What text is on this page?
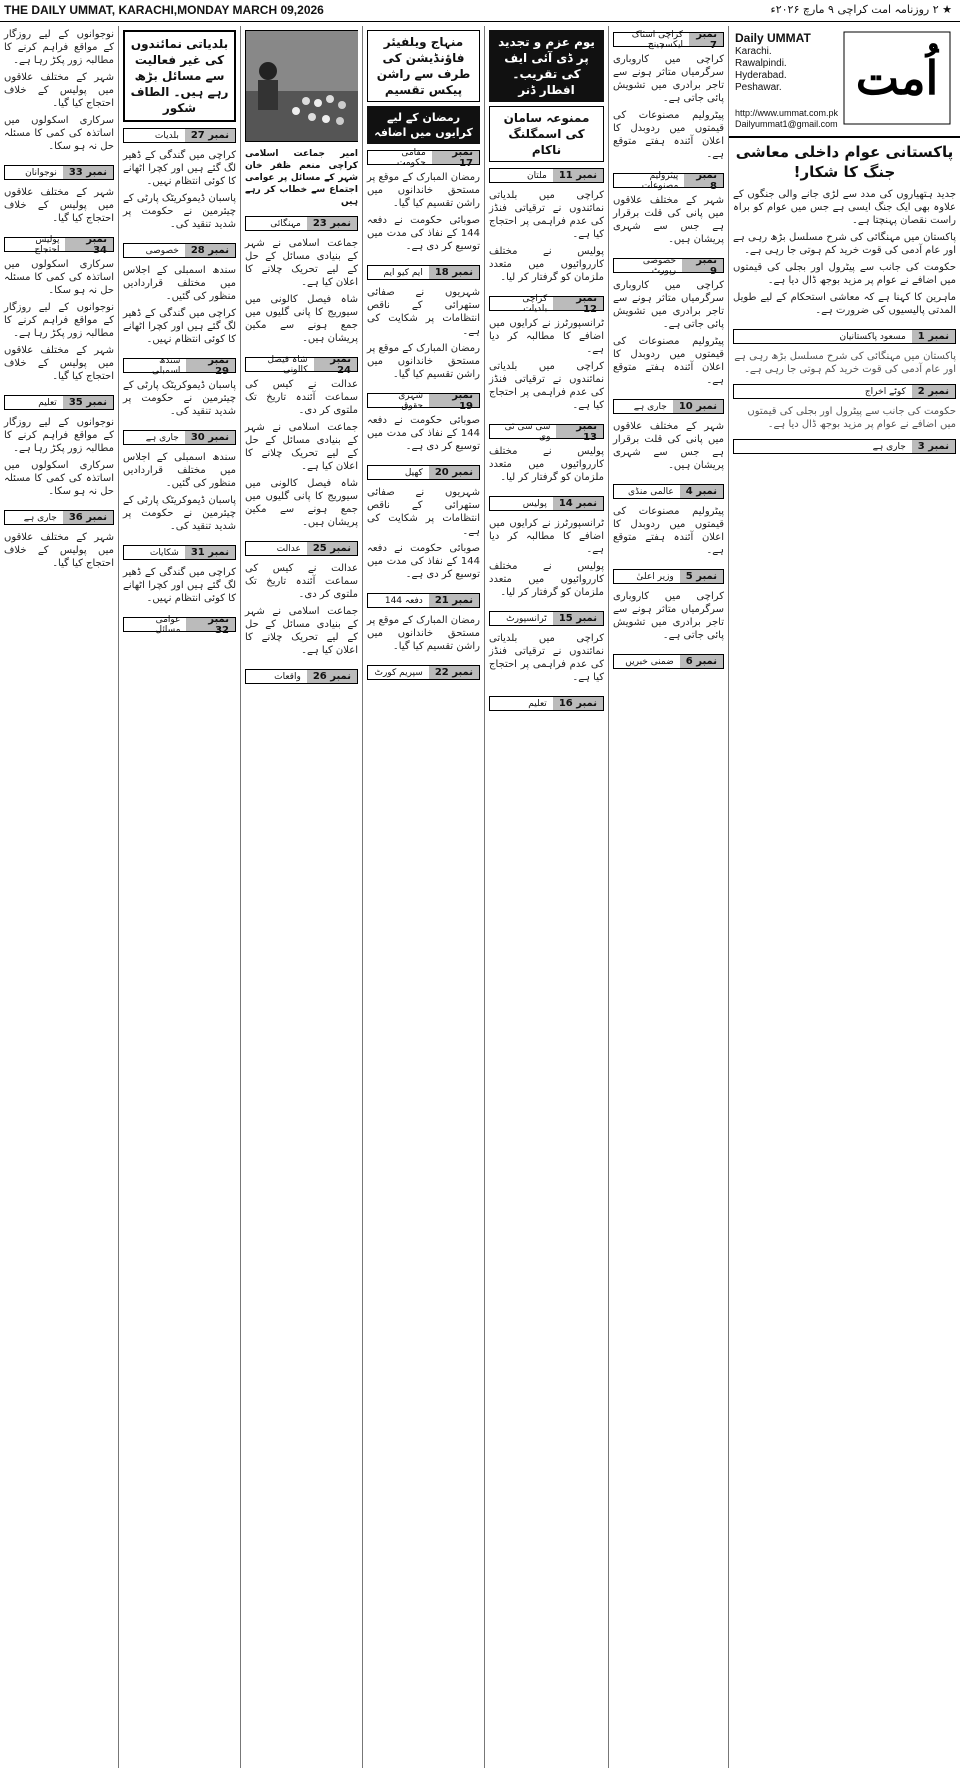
THE DAILY UMMAT, KARACHI,MONDAY MARCH 09,2026	★ ۲ روزنامہ امت کراچی ۹ مارچ ۲۰۲۶ء
اُمت
Daily UMMAT
Karachi.
Rawalpindi.
Hyderabad.
Peshawar.
http://www.ummat.com.pk
Dailyummat1@gmail.com
پاکستانی عوام داخلی معاشی جنگ کا شکار!

جدید ہتھیاروں کی مدد سے لڑی جانے والی جنگوں کے علاوہ بھی ایک جنگ ایسی ہے جس میں عوام کو براہ راست نقصان پہنچتا ہے۔

پاکستان میں مہنگائی کی شرح مسلسل بڑھ رہی ہے اور عام آدمی کی قوت خرید کم ہوتی جا رہی ہے۔

حکومت کی جانب سے پیٹرول اور بجلی کی قیمتوں میں اضافے نے عوام پر مزید بوجھ ڈال دیا ہے۔

ماہرین کا کہنا ہے کہ معاشی استحکام کے لیے طویل المدتی پالیسیوں کی ضرورت ہے۔

نمبر 1
مسعود پاکستانیان
پاکستان میں مہنگائی کی شرح مسلسل بڑھ رہی ہے اور عام آدمی کی قوت خرید کم ہوتی جا رہی ہے۔
نمبر 2
کوٹے اخراج
حکومت کی جانب سے پیٹرول اور بجلی کی قیمتوں میں اضافے نے عوام پر مزید بوجھ ڈال دیا ہے۔
نمبر 3
جاری ہے
نمبر 7
کراچی اسٹاک ایکسچینج

کراچی میں کاروباری سرگرمیاں متاثر ہونے سے تاجر برادری میں تشویش پائی جاتی ہے۔

پیٹرولیم مصنوعات کی قیمتوں میں ردوبدل کا اعلان آئندہ ہفتے متوقع ہے۔

نمبر 8
پیٹرولیم مصنوعات

شہر کے مختلف علاقوں میں پانی کی قلت برقرار ہے جس سے شہری پریشان ہیں۔

نمبر 9
خصوصی رپورٹ

کراچی میں کاروباری سرگرمیاں متاثر ہونے سے تاجر برادری میں تشویش پائی جاتی ہے۔

پیٹرولیم مصنوعات کی قیمتوں میں ردوبدل کا اعلان آئندہ ہفتے متوقع ہے۔

نمبر 10
جاری ہے

شہر کے مختلف علاقوں میں پانی کی قلت برقرار ہے جس سے شہری پریشان ہیں۔

نمبر 4
عالمی منڈی

پیٹرولیم مصنوعات کی قیمتوں میں ردوبدل کا اعلان آئندہ ہفتے متوقع ہے۔

نمبر 5
وزیر اعلیٰ

کراچی میں کاروباری سرگرمیاں متاثر ہونے سے تاجر برادری میں تشویش پائی جاتی ہے۔

نمبر 6
ضمنی خبریں
یوم عزم و تجدید پر ڈی آئی ایف کی تقریب۔ افطار ڈنر
ممنوعہ سامان کی اسمگلنگ ناکام
نمبر 11
ملتان

کراچی میں بلدیاتی نمائندوں نے ترقیاتی فنڈز کی عدم فراہمی پر احتجاج کیا ہے۔

پولیس نے مختلف کارروائیوں میں متعدد ملزمان کو گرفتار کر لیا۔

نمبر 12
کراچی بلدیات

ٹرانسپورٹرز نے کرایوں میں اضافے کا مطالبہ کر دیا ہے۔

کراچی میں بلدیاتی نمائندوں نے ترقیاتی فنڈز کی عدم فراہمی پر احتجاج کیا ہے۔

نمبر 13
سی سی ٹی وی

پولیس نے مختلف کارروائیوں میں متعدد ملزمان کو گرفتار کر لیا۔

نمبر 14
پولیس

ٹرانسپورٹرز نے کرایوں میں اضافے کا مطالبہ کر دیا ہے۔

پولیس نے مختلف کارروائیوں میں متعدد ملزمان کو گرفتار کر لیا۔

نمبر 15
ٹرانسپورٹ

کراچی میں بلدیاتی نمائندوں نے ترقیاتی فنڈز کی عدم فراہمی پر احتجاج کیا ہے۔

نمبر 16
تعلیم
منہاج ویلفیئر فاؤنڈیشن کی طرف سے راشن پیکس تقسیم
رمضان کے لیے کرایوں میں اضافہ
نمبر 17
مقامی حکومت

رمضان المبارک کے موقع پر مستحق خاندانوں میں راشن تقسیم کیا گیا۔

صوبائی حکومت نے دفعہ 144 کے نفاذ کی مدت میں توسیع کر دی ہے۔

نمبر 18
ایم کیو ایم

شہریوں نے صفائی ستھرائی کے ناقص انتظامات پر شکایت کی ہے۔

رمضان المبارک کے موقع پر مستحق خاندانوں میں راشن تقسیم کیا گیا۔

نمبر 19
شہری حقوق

صوبائی حکومت نے دفعہ 144 کے نفاذ کی مدت میں توسیع کر دی ہے۔

نمبر 20
کھیل

شہریوں نے صفائی ستھرائی کے ناقص انتظامات پر شکایت کی ہے۔

صوبائی حکومت نے دفعہ 144 کے نفاذ کی مدت میں توسیع کر دی ہے۔

نمبر 21
دفعہ 144

رمضان المبارک کے موقع پر مستحق خاندانوں میں راشن تقسیم کیا گیا۔

نمبر 22
سپریم کورٹ
امیر جماعت اسلامی کراچی منعم ظفر خان شہر کے مسائل پر عوامی اجتماع سے خطاب کر رہے ہیں
نمبر 23
مہنگائی

جماعت اسلامی نے شہر کے بنیادی مسائل کے حل کے لیے تحریک چلانے کا اعلان کیا ہے۔

شاہ فیصل کالونی میں سیوریج کا پانی گلیوں میں جمع ہونے سے مکین پریشان ہیں۔

نمبر 24
شاہ فیصل کالونی

عدالت نے کیس کی سماعت آئندہ تاریخ تک ملتوی کر دی۔

جماعت اسلامی نے شہر کے بنیادی مسائل کے حل کے لیے تحریک چلانے کا اعلان کیا ہے۔

شاہ فیصل کالونی میں سیوریج کا پانی گلیوں میں جمع ہونے سے مکین پریشان ہیں۔

نمبر 25
عدالت

عدالت نے کیس کی سماعت آئندہ تاریخ تک ملتوی کر دی۔

جماعت اسلامی نے شہر کے بنیادی مسائل کے حل کے لیے تحریک چلانے کا اعلان کیا ہے۔

نمبر 26
واقعات
بلدیاتی نمائندوں کی غیر فعالیت سے مسائل بڑھ رہے ہیں۔ الطاف شکور
نمبر 27
بلدیات

کراچی میں گندگی کے ڈھیر لگ گئے ہیں اور کچرا اٹھانے کا کوئی انتظام نہیں۔

پاسبان ڈیموکریٹک پارٹی کے چیئرمین نے حکومت پر شدید تنقید کی۔

نمبر 28
خصوصی

سندھ اسمبلی کے اجلاس میں مختلف قراردادیں منظور کی گئیں۔

کراچی میں گندگی کے ڈھیر لگ گئے ہیں اور کچرا اٹھانے کا کوئی انتظام نہیں۔

نمبر 29
سندھ اسمبلی

پاسبان ڈیموکریٹک پارٹی کے چیئرمین نے حکومت پر شدید تنقید کی۔

نمبر 30
جاری ہے

سندھ اسمبلی کے اجلاس میں مختلف قراردادیں منظور کی گئیں۔

پاسبان ڈیموکریٹک پارٹی کے چیئرمین نے حکومت پر شدید تنقید کی۔

نمبر 31
شکایات

کراچی میں گندگی کے ڈھیر لگ گئے ہیں اور کچرا اٹھانے کا کوئی انتظام نہیں۔

نمبر 32
عوامی مسائل

نوجوانوں کے لیے روزگار کے مواقع فراہم کرنے کا مطالبہ زور پکڑ رہا ہے۔

شہر کے مختلف علاقوں میں پولیس کے خلاف احتجاج کیا گیا۔

سرکاری اسکولوں میں اساتذہ کی کمی کا مسئلہ حل نہ ہو سکا۔

نمبر 33
نوجوانان

شہر کے مختلف علاقوں میں پولیس کے خلاف احتجاج کیا گیا۔

نمبر 34
پولیس احتجاج

سرکاری اسکولوں میں اساتذہ کی کمی کا مسئلہ حل نہ ہو سکا۔

نوجوانوں کے لیے روزگار کے مواقع فراہم کرنے کا مطالبہ زور پکڑ رہا ہے۔

شہر کے مختلف علاقوں میں پولیس کے خلاف احتجاج کیا گیا۔

نمبر 35
تعلیم

نوجوانوں کے لیے روزگار کے مواقع فراہم کرنے کا مطالبہ زور پکڑ رہا ہے۔

سرکاری اسکولوں میں اساتذہ کی کمی کا مسئلہ حل نہ ہو سکا۔

نمبر 36
جاری ہے

شہر کے مختلف علاقوں میں پولیس کے خلاف احتجاج کیا گیا۔
